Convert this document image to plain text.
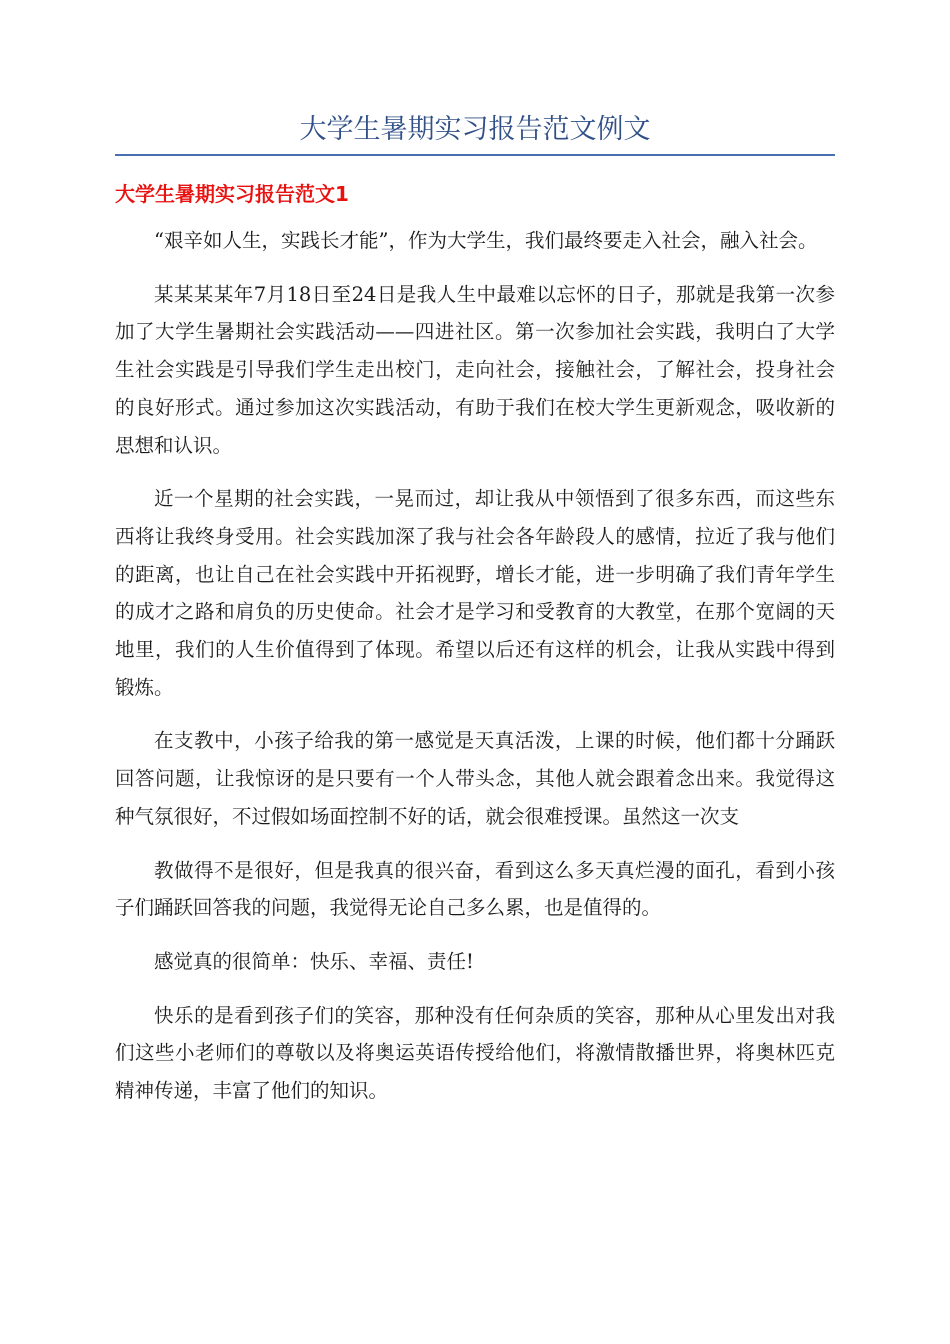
大学生暑期实习报告范文例文
大学生暑期实习报告范文1

“艰辛如人生，实践长才能”，作为大学生，我们最终要走入社会，融入社会。

某某某某年7月18日至24日是我人生中最难以忘怀的日子，那就是我第一次参加了大学生暑期社会实践活动——四进社区。第一次参加社会实践，我明白了大学生社会实践是引导我们学生走出校门，走向社会，接触社会，了解社会，投身社会的良好形式。通过参加这次实践活动，有助于我们在校大学生更新观念，吸收新的思想和认识。

近一个星期的社会实践，一晃而过，却让我从中领悟到了很多东西，而这些东西将让我终身受用。社会实践加深了我与社会各年龄段人的感情，拉近了我与他们的距离，也让自己在社会实践中开拓视野，增长才能，进一步明确了我们青年学生的成才之路和肩负的历史使命。社会才是学习和受教育的大教堂，在那个宽阔的天地里，我们的人生价值得到了体现。希望以后还有这样的机会，让我从实践中得到锻炼。

在支教中，小孩子给我的第一感觉是天真活泼，上课的时候，他们都十分踊跃回答问题，让我惊讶的是只要有一个人带头念，其他人就会跟着念出来。我觉得这种气氛很好，不过假如场面控制不好的话，就会很难授课。虽然这一次支

教做得不是很好，但是我真的很兴奋，看到这么多天真烂漫的面孔，看到小孩子们踊跃回答我的问题，我觉得无论自己多么累，也是值得的。

感觉真的很简单：快乐、幸福、责任!

快乐的是看到孩子们的笑容，那种没有任何杂质的笑容，那种从心里发出对我们这些小老师们的尊敬以及将奥运英语传授给他们，将激情散播世界，将奥林匹克精神传递，丰富了他们的知识。
